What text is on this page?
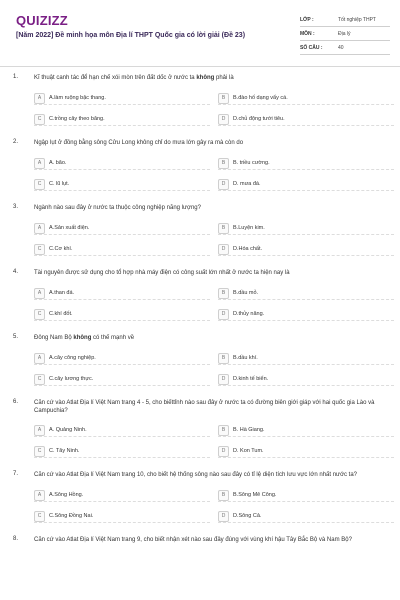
QUIZIZZ
[Năm 2022] Đề minh họa môn Địa lí THPT Quốc gia có lời giải (Đề 23)
LỚP :	Tốt nghiệp THPT
MÔN :	Địa lý
SỐ CÂU :	40
1.	Kĩ thuật canh tác để hạn chế xói mòn trên đất dốc ở nước ta không phải là
A	A.làm ruộng bậc thang.	B	B.đào hố dạng vẩy cá.
C	C.trồng cây theo băng.	D	D.chủ động tưới tiêu.
2.	Ngập lụt ở đồng bằng sông Cửu Long không chỉ do mưa lớn gây ra mà còn do
A	A. bão.	B	B. triều cường.
C	C. lũ lụt.	D	D. mưa đá.
3.	Ngành nào sau đây ở nước ta thuộc công nghiệp năng lượng?
A	A.Sản xuất điện.	B	B.Luyện kim.
C	C.Cơ khí.	D	D.Hóa chất.
4.	Tài nguyên được sử dụng cho tổ hợp nhà máy điện có công suất lớn nhất ở nước ta hiện nay là
A	A.than đá.	B	B.dầu mỏ.
C	C.khí đốt.	D	D.thủy năng.
5.	Đông Nam Bộ không có thế mạnh về
A	A.cây công nghiệp.	B	B.dầu khí.
C	C.cây lương thực.	D	D.kinh tế biển.
6.	Căn cứ vào Atlat Địa lí Việt Nam trang 4 - 5, cho biếttỉnh nào sau đây ở nước ta có đường biên giới giáp với hai quốc gia Lào và Campuchia?
A	A. Quảng Ninh.	B	B. Hà Giang.
C	C. Tây Ninh.	D	D. Kon Tum.
7.	Căn cứ vào Atlat Địa lí Việt Nam trang 10, cho biết hệ thống sông nào sau đây có tỉ lệ diện tích lưu vực lớn nhất nước ta?
A	A.Sông Hồng.	B	B.Sông Mê Công.
C	C.Sông Đồng Nai.	D	D.Sông Cả.
8.	Căn cứ vào Atlat Địa lí Việt Nam trang 9, cho biết nhận xét nào sau đây đúng với vùng khí hậu Tây Bắc Bộ và Nam Bộ?
